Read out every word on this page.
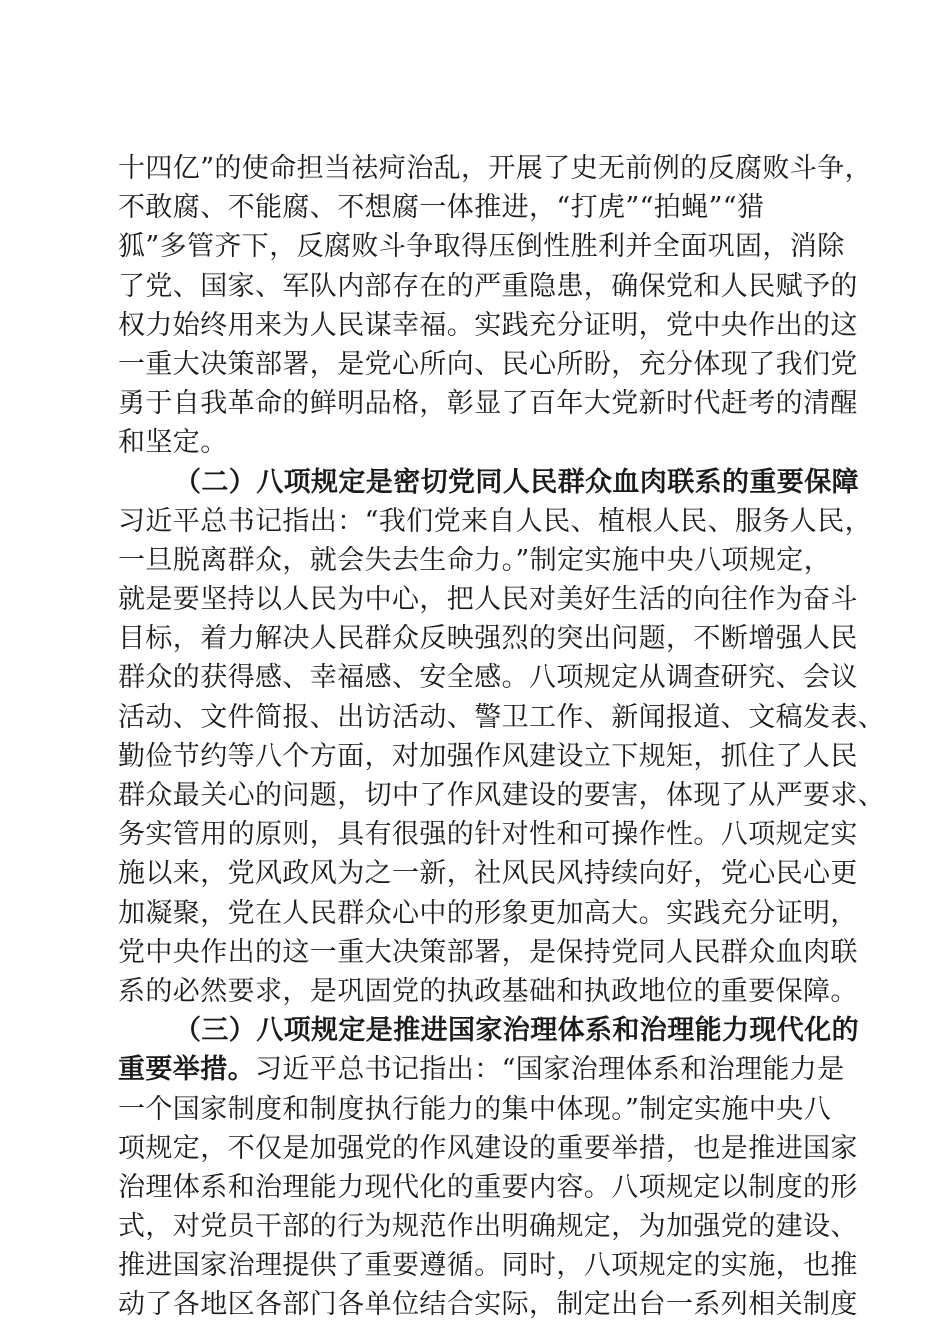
十四亿”的使命担当祛疴治乱，开展了史无前例的反腐败斗争，
不敢腐、不能腐、不想腐一体推进，“打虎”“拍蝇”“猎
狐”多管齐下，反腐败斗争取得压倒性胜利并全面巩固，消除
了党、国家、军队内部存在的严重隐患，确保党和人民赋予的
权力始终用来为人民谋幸福。实践充分证明，党中央作出的这
一重大决策部署，是党心所向、民心所盼，充分体现了我们党
勇于自我革命的鲜明品格，彰显了百年大党新时代赶考的清醒
和坚定。
（二）八项规定是密切党同人民群众血肉联系的重要保障
习近平总书记指出：“我们党来自人民、植根人民、服务人民，
一旦脱离群众，就会失去生命力。”制定实施中央八项规定，
就是要坚持以人民为中心，把人民对美好生活的向往作为奋斗
目标，着力解决人民群众反映强烈的突出问题，不断增强人民
群众的获得感、幸福感、安全感。八项规定从调查研究、会议
活动、文件简报、出访活动、警卫工作、新闻报道、文稿发表、
勤俭节约等八个方面，对加强作风建设立下规矩，抓住了人民
群众最关心的问题，切中了作风建设的要害，体现了从严要求、
务实管用的原则，具有很强的针对性和可操作性。八项规定实
施以来，党风政风为之一新，社风民风持续向好，党心民心更
加凝聚，党在人民群众心中的形象更加高大。实践充分证明，
党中央作出的这一重大决策部署，是保持党同人民群众血肉联
系的必然要求，是巩固党的执政基础和执政地位的重要保障。
（三）八项规定是推进国家治理体系和治理能力现代化的
重要举措。习近平总书记指出：“国家治理体系和治理能力是
一个国家制度和制度执行能力的集中体现。”制定实施中央八
项规定，不仅是加强党的作风建设的重要举措，也是推进国家
治理体系和治理能力现代化的重要内容。八项规定以制度的形
式，对党员干部的行为规范作出明确规定，为加强党的建设、
推进国家治理提供了重要遵循。同时，八项规定的实施，也推
动了各地区各部门各单位结合实际，制定出台一系列相关制度
